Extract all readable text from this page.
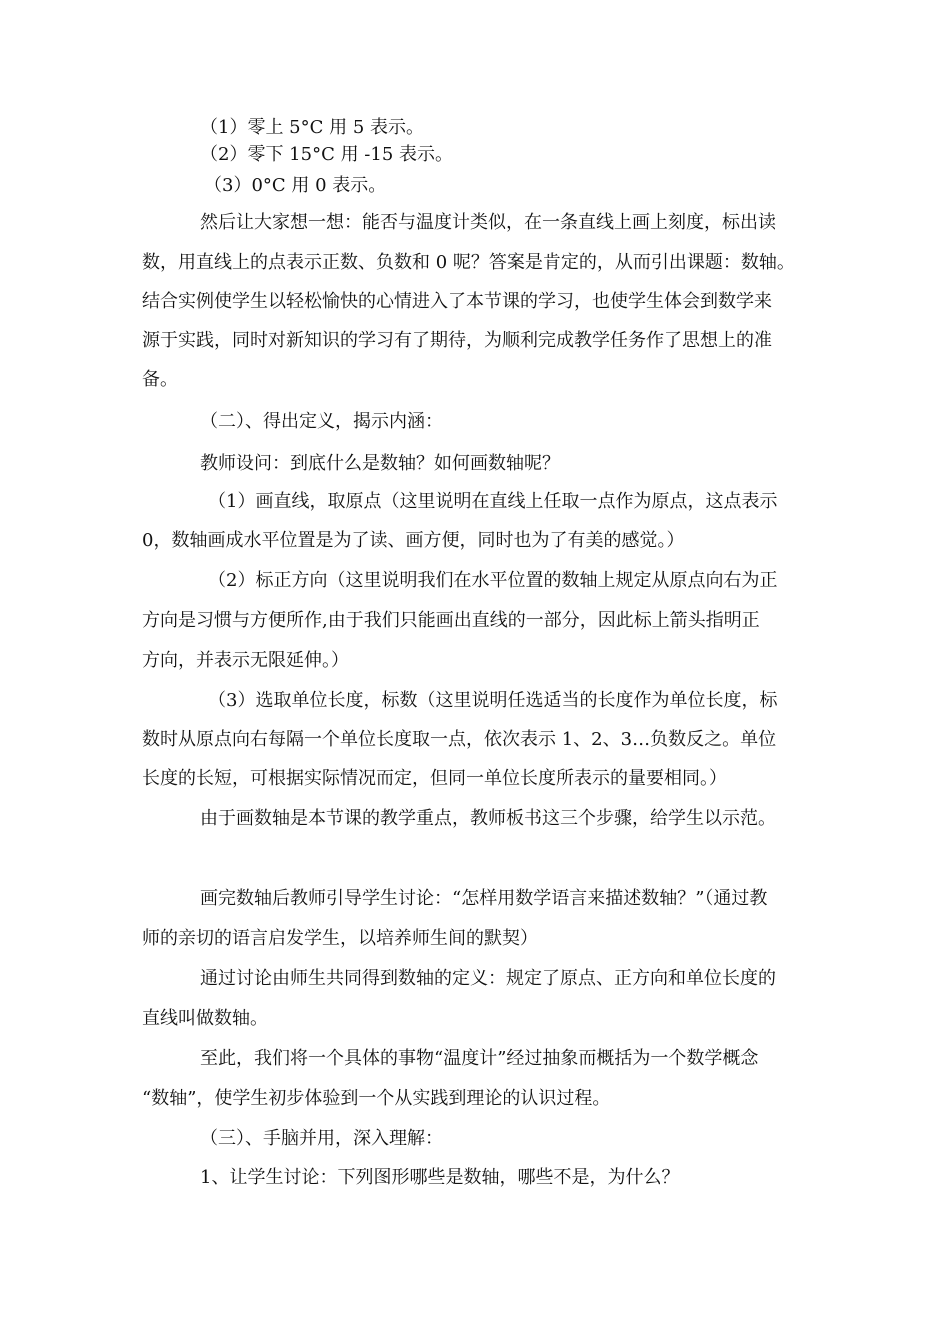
（1）零上 5°C 用 5 表示。
（2）零下 15°C 用 -15 表示。
（3）0°C 用 0 表示。
然后让大家想一想：能否与温度计类似，在一条直线上画上刻度，标出读
数，用直线上的点表示正数、负数和 0 呢？答案是肯定的，从而引出课题：数轴。
结合实例使学生以轻松愉快的心情进入了本节课的学习，也使学生体会到数学来
源于实践，同时对新知识的学习有了期待，为顺利完成教学任务作了思想上的准
备。
（二）、得出定义，揭示内涵：
教师设问：到底什么是数轴？如何画数轴呢？
（1）画直线，取原点（这里说明在直线上任取一点作为原点，这点表示
0，数轴画成水平位置是为了读、画方便，同时也为了有美的感觉。）
（2）标正方向（这里说明我们在水平位置的数轴上规定从原点向右为正
方向是习惯与方便所作,由于我们只能画出直线的一部分，因此标上箭头指明正
方向，并表示无限延伸。）
（3）选取单位长度，标数（这里说明任选适当的长度作为单位长度，标
数时从原点向右每隔一个单位长度取一点，依次表示 1、2、3…负数反之。单位
长度的长短，可根据实际情况而定，但同一单位长度所表示的量要相同。）
由于画数轴是本节课的教学重点，教师板书这三个步骤，给学生以示范。
画完数轴后教师引导学生讨论：“怎样用数学语言来描述数轴？”（通过教
师的亲切的语言启发学生，以培养师生间的默契）
通过讨论由师生共同得到数轴的定义：规定了原点、正方向和单位长度的
直线叫做数轴。
至此，我们将一个具体的事物“温度计”经过抽象而概括为一个数学概念
“数轴”，使学生初步体验到一个从实践到理论的认识过程。
（三）、手脑并用，深入理解：
1、让学生讨论：下列图形哪些是数轴，哪些不是，为什么？
